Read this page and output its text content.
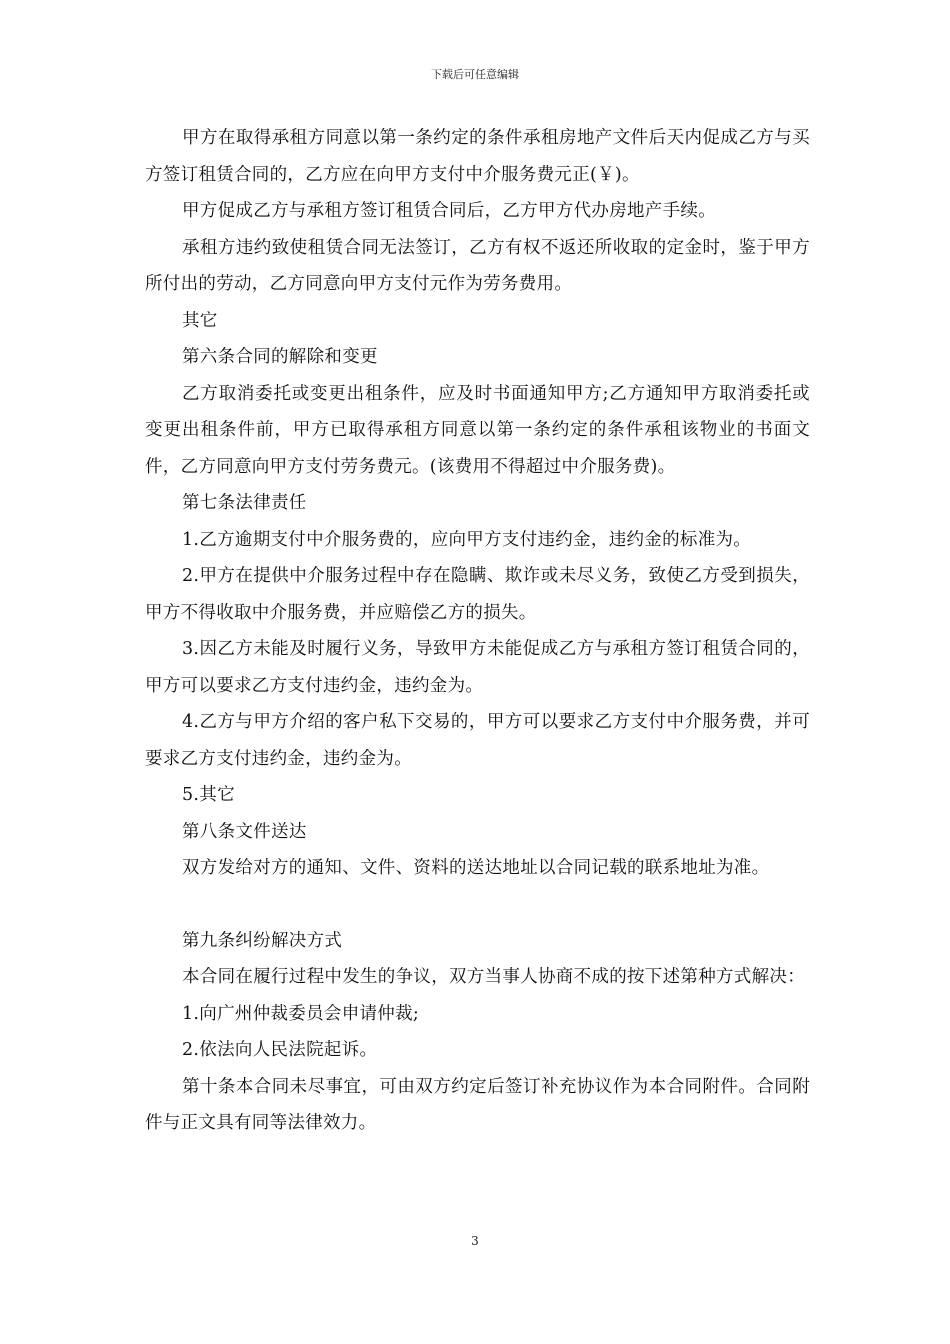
下载后可任意编辑

甲方在取得承租方同意以第一条约定的条件承租房地产文件后天内促成乙方与买方签订租赁合同的，乙方应在向甲方支付中介服务费元正(￥)。

甲方促成乙方与承租方签订租赁合同后，乙方甲方代办房地产手续。

承租方违约致使租赁合同无法签订，乙方有权不返还所收取的定金时，鉴于甲方所付出的劳动，乙方同意向甲方支付元作为劳务费用。

其它

第六条合同的解除和变更

乙方取消委托或变更出租条件，应及时书面通知甲方;乙方通知甲方取消委托或变更出租条件前，甲方已取得承租方同意以第一条约定的条件承租该物业的书面文件，乙方同意向甲方支付劳务费元。(该费用不得超过中介服务费)。

第七条法律责任

1.乙方逾期支付中介服务费的，应向甲方支付违约金，违约金的标准为。

2.甲方在提供中介服务过程中存在隐瞒、欺诈或未尽义务，致使乙方受到损失，甲方不得收取中介服务费，并应赔偿乙方的损失。

3.因乙方未能及时履行义务，导致甲方未能促成乙方与承租方签订租赁合同的，甲方可以要求乙方支付违约金，违约金为。

4.乙方与甲方介绍的客户私下交易的，甲方可以要求乙方支付中介服务费，并可要求乙方支付违约金，违约金为。

5.其它

第八条文件送达

双方发给对方的通知、文件、资料的送达地址以合同记载的联系地址为准。

第九条纠纷解决方式

本合同在履行过程中发生的争议，双方当事人协商不成的按下述第种方式解决：

1.向广州仲裁委员会申请仲裁;

2.依法向人民法院起诉。

第十条本合同未尽事宜，可由双方约定后签订补充协议作为本合同附件。合同附件与正文具有同等法律效力。

3
